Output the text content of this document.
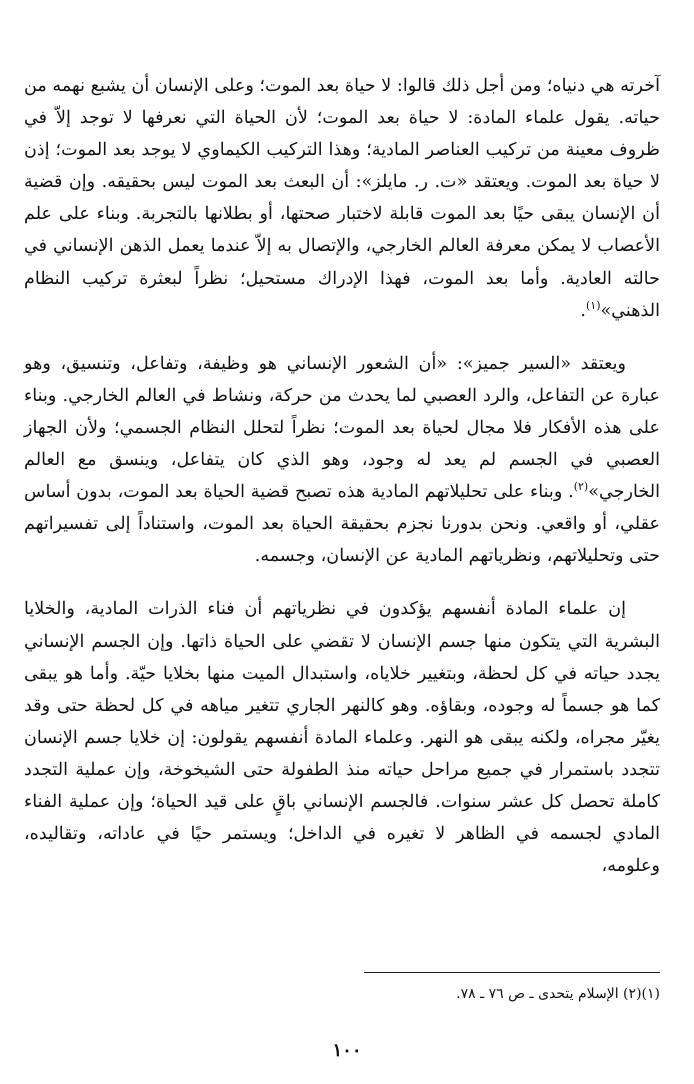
آخرته هي دنياه؛ ومن أجل ذلك قالوا: لا حياة بعد الموت؛ وعلى الإنسان أن يشبع نهمه من حياته. يقول علماء المادة: لا حياة بعد الموت؛ لأن الحياة التي نعرفها لا توجد إلاّ في ظروف معينة من تركيب العناصر المادية؛ وهذا التركيب الكيماوي لا يوجد بعد الموت؛ إذن لا حياة بعد الموت. ويعتقد «ت. ر. مايلز»: أن البعث بعد الموت ليس بحقيقه. وإن قضية أن الإنسان يبقى حيًا بعد الموت قابلة لاختبار صحتها، أو بطلانها بالتجربة. وبناء على علم الأعصاب لا يمكن معرفة العالم الخارجي، والإتصال به إلاّ عندما يعمل الذهن الإنساني في حالته العادية. وأما بعد الموت، فهذا الإدراك مستحيل؛ نظراً لبعثرة تركيب النظام الذهني»$^{(١)}$.

ويعتقد «السير جميز»: «أن الشعور الإنساني هو وظيفة، وتفاعل، وتنسيق، وهو عبارة عن التفاعل، والرد العصبي لما يحدث من حركة، ونشاط في العالم الخارجي. وبناء على هذه الأفكار فلا مجال لحياة بعد الموت؛ نظراً لتحلل النظام الجسمي؛ ولأن الجهاز العصبي في الجسم لم يعد له وجود، وهو الذي كان يتفاعل، وينسق مع العالم الخارجي»$^{(٢)}$. وبناء على تحليلاتهم المادية هذه تصبح قضية الحياة بعد الموت، بدون أساس عقلي، أو واقعي. ونحن بدورنا نجزم بحقيقة الحياة بعد الموت، واستناداً إلى تفسيراتهم حتى وتحليلاتهم، ونظرياتهم المادية عن الإنسان، وجسمه.

إن علماء المادة أنفسهم يؤكدون في نظرياتهم أن فناء الذرات المادية، والخلايا البشرية التي يتكون منها جسم الإنسان لا تقضي على الحياة ذاتها. وإن الجسم الإنساني يجدد حياته في كل لحظة، وبتغيير خلاياه، واستبدال الميت منها بخلايا حيّة. وأما هو يبقى كما هو جسماً له وجوده، وبقاؤه. وهو كالنهر الجاري تتغير مياهه في كل لحظة حتى وقد يغيّر مجراه، ولكنه يبقى هو النهر. وعلماء المادة أنفسهم يقولون: إن خلايا جسم الإنسان تتجدد باستمرار في جميع مراحل حياته منذ الطفولة حتى الشيخوخة، وإن عملية التجدد كاملة تحصل كل عشر سنوات. فالجسم الإنساني باقٍ على قيد الحياة؛ وإن عملية الفناء المادي لجسمه في الظاهر لا تغيره في الداخل؛ ويستمر حيًا في عاداته، وتقاليده، وعلومه،

(١)(٢) الإسلام يتحدى ـ ص ٧٦ ـ ٧٨.

١٠٠
